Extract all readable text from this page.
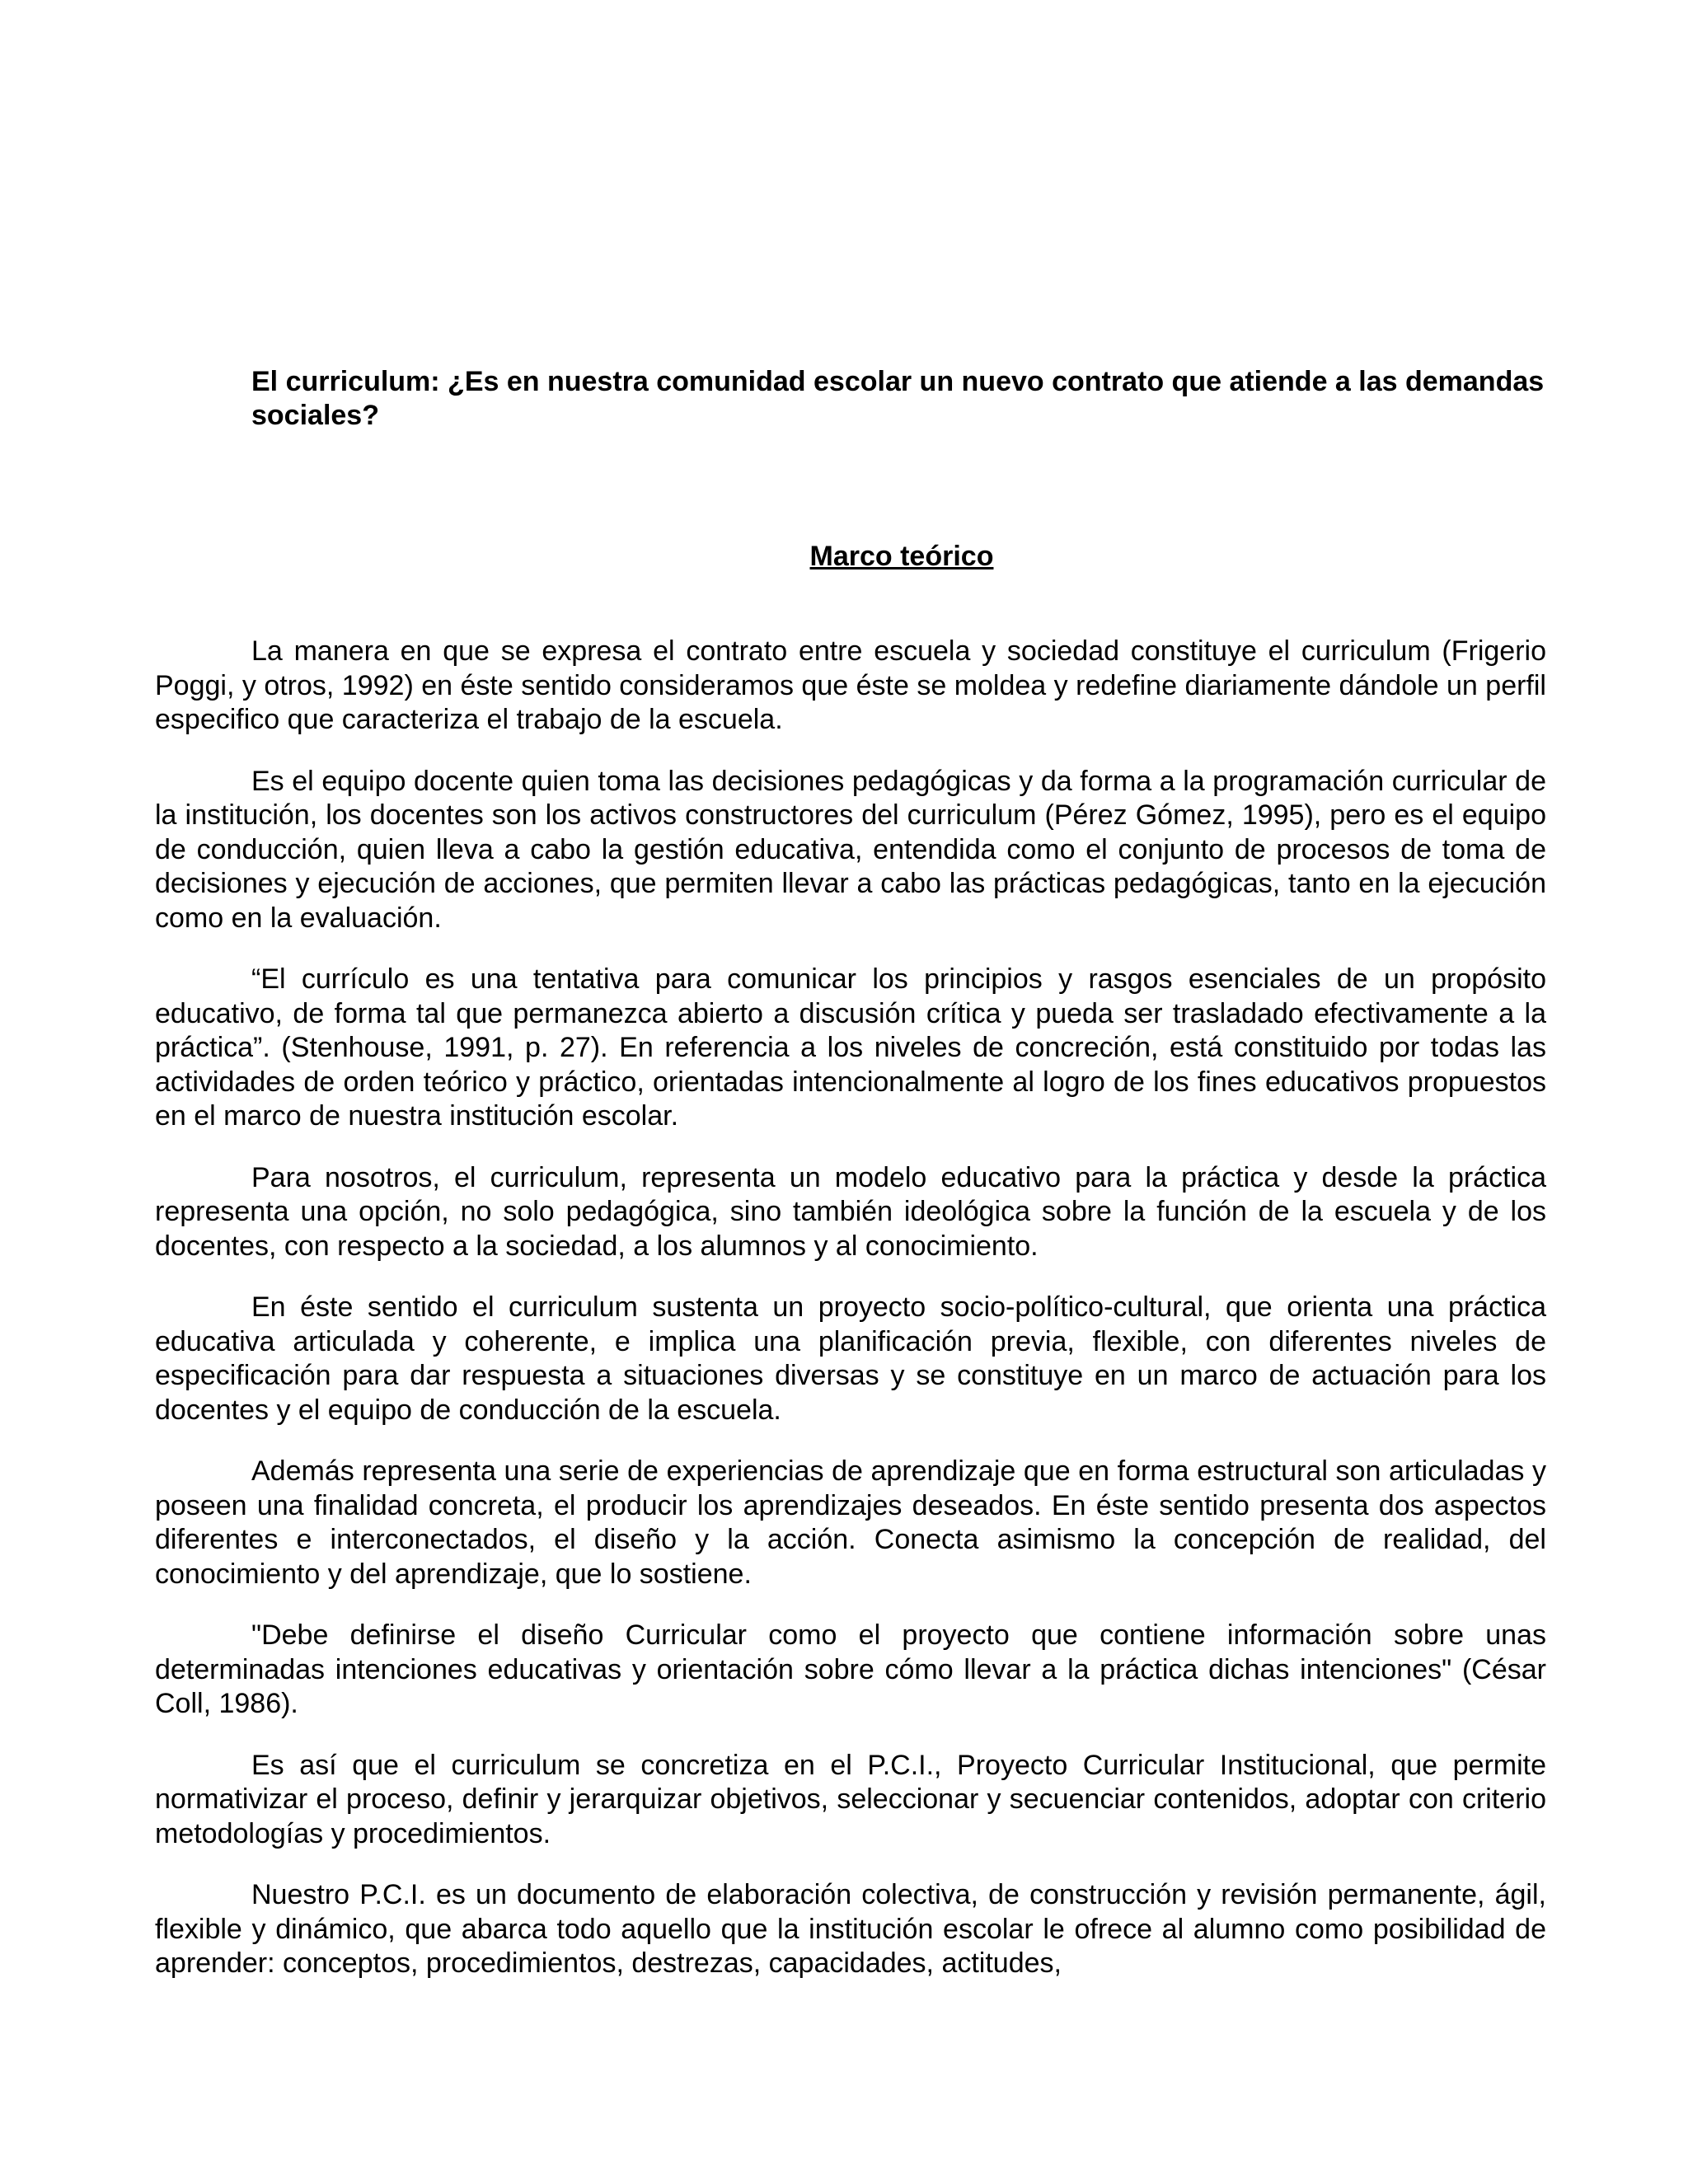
El curriculum: ¿Es en nuestra comunidad escolar un nuevo contrato que atiende a las demandas sociales?
Marco teórico

La manera en que se expresa el contrato entre escuela y sociedad constituye el curriculum (Frigerio Poggi, y otros, 1992) en éste sentido consideramos que éste se moldea y redefine diariamente dándole un perfil especifico que caracteriza el trabajo de la escuela.

Es el equipo docente quien toma las decisiones pedagógicas y da forma a la programación curricular de la institución, los docentes son los activos constructores del curriculum (Pérez Gómez, 1995), pero es el equipo de conducción, quien lleva a cabo la gestión educativa, entendida como el conjunto de procesos de toma de decisiones y ejecución de acciones, que permiten llevar a cabo las prácticas pedagógicas, tanto en la ejecución como en la evaluación.

“El currículo es una tentativa para comunicar los principios y rasgos esenciales de un propósito educativo, de forma tal que permanezca abierto a discusión crítica y pueda ser trasladado efectivamente a la práctica”. (Stenhouse, 1991, p. 27). En referencia a los niveles de concreción, está constituido por todas las actividades de orden teórico y práctico, orientadas intencionalmente al logro de los fines educativos propuestos en el marco de nuestra institución escolar.

Para nosotros, el curriculum, representa un modelo educativo para la práctica y desde la práctica representa una opción, no solo pedagógica, sino también ideológica sobre la función de la escuela y de los docentes, con respecto a la sociedad, a los alumnos y al conocimiento.

En éste sentido el curriculum sustenta un proyecto socio-político-cultural, que orienta una práctica educativa articulada y coherente, e implica una planificación previa, flexible, con diferentes niveles de especificación para dar respuesta a situaciones diversas y se constituye en un marco de actuación para los docentes y el equipo de conducción de la escuela.

Además representa una serie de experiencias de aprendizaje que en forma estructural son articuladas y poseen una finalidad concreta, el producir los aprendizajes deseados. En éste sentido presenta dos aspectos diferentes e interconectados, el diseño y la acción. Conecta asimismo la concepción de realidad, del conocimiento y del aprendizaje, que lo sostiene.

"Debe definirse el diseño Curricular como el proyecto que contiene información sobre unas determinadas intenciones educativas y orientación sobre cómo llevar a la práctica dichas intenciones" (César Coll, 1986).

Es así que el curriculum se concretiza en el P.C.I., Proyecto Curricular Institucional, que permite normativizar el proceso, definir y jerarquizar objetivos, seleccionar y secuenciar contenidos, adoptar con criterio metodologías y procedimientos.

Nuestro P.C.I. es un documento de elaboración colectiva, de construcción y revisión permanente, ágil, flexible y dinámico, que abarca todo aquello que la institución escolar le ofrece al alumno como posibilidad de aprender: conceptos, procedimientos, destrezas, capacidades, actitudes,
